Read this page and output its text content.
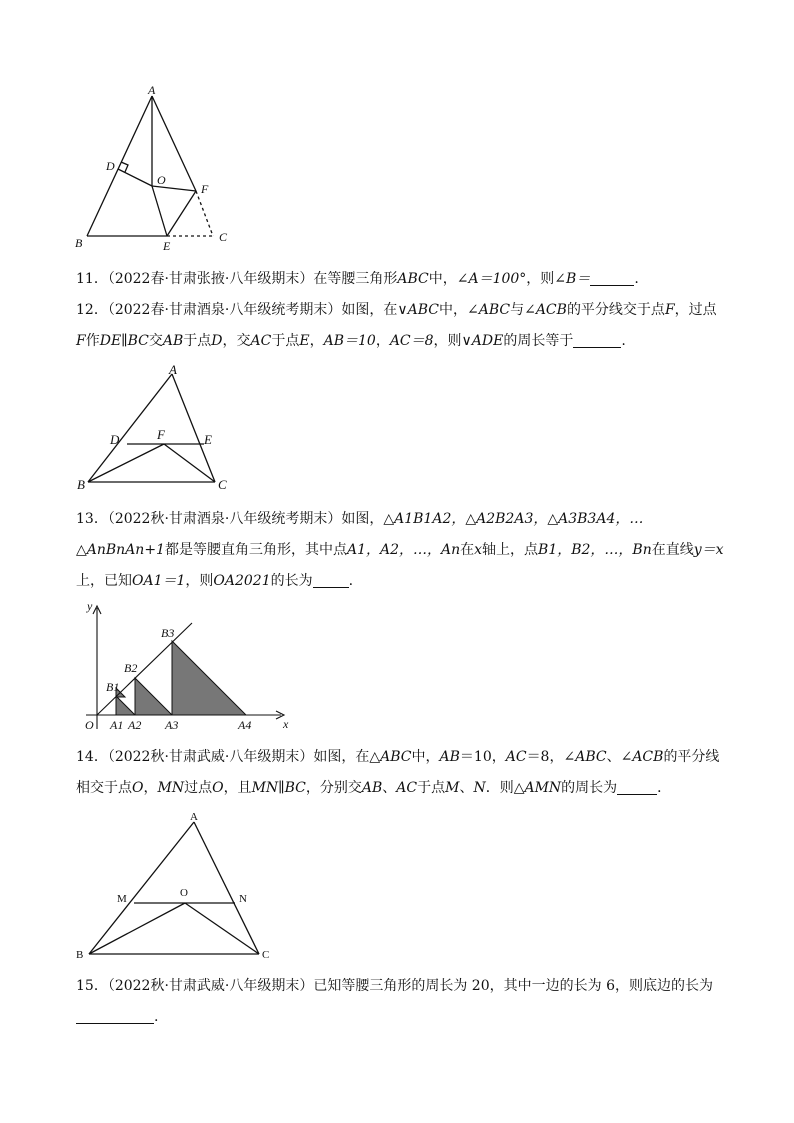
A
B	C
D
E
F
O
11．（2022春·甘肃张掖·八年级期末）在等腰三角形ABC中，∠A＝100°，则∠B＝	.
12．（2022春·甘肃酒泉·八年级统考期末）如图，在∨ABC中，∠ABC与∠ACB的平分线交于点F，过点
F作DE∥BC交AB于点D，交AC于点E，AB＝10，AC＝8，则∨ADE的周长等于	.
A
B	C
D	E
F
13．（2022秋·甘肃酒泉·八年级统考期末）如图，△A1B1A2，△A2B2A3，△A3B3A4，…△AnBnAn+1都是等腰直角三角形，其中点A1，A2，…，An在x轴上，点B1，B2，…，Bn在直线y＝x上，已知OA1＝1，则OA2021的长为	.
y
x
O A1 A2 A3	A4
B1
B2
B3
14．（2022秋·甘肃武威·八年级期末）如图，在△ABC中，AB＝10，AC＝8，∠ABC、∠ACB的平分线相交于点O，MN过点O，且MN∥BC，分别交AB、AC于点M、N．则△AMN的周长为	．
A
B	C
M	N
O
15．（2022秋·甘肃武威·八年级期末）已知等腰三角形的周长为 20，其中一边的长为 6，则底边的长为.
